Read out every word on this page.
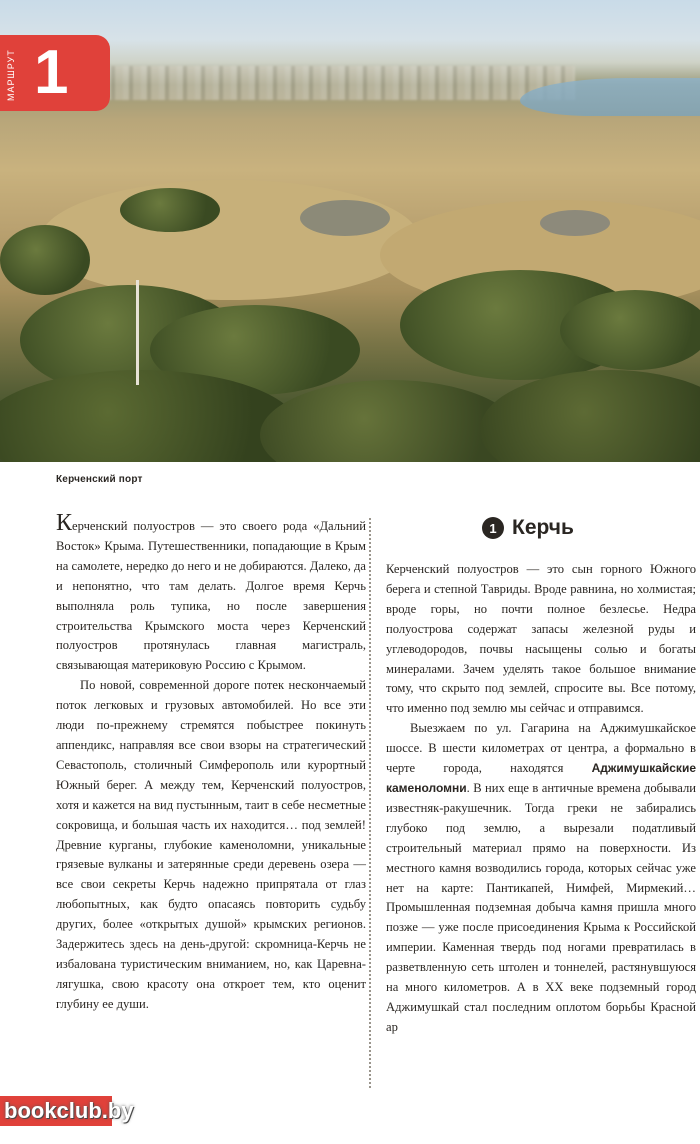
МАРШРУТ 1
Керченский порт

Керченский полуостров — это своего рода «Дальний Восток» Крыма. Путешественники, попадающие в Крым на самолете, нередко до него и не добираются. Далеко, да и непонятно, что там делать. Долгое время Керчь выполняла роль тупика, но после завершения строительства Крымского моста через Керченский полуостров протянулась главная магистраль, связывающая материковую Россию с Крымом.

По новой, современной дороге потек нескончаемый поток легковых и грузовых автомобилей. Но все эти люди по-прежнему стремятся побыстрее покинуть аппендикс, направляя все свои взоры на стратегический Севастополь, столичный Симферополь или курортный Южный берег. А между тем, Керченский полуостров, хотя и кажется на вид пустынным, таит в себе несметные сокровища, и большая часть их находится… под землей! Древние курганы, глубокие каменоломни, уникальные грязевые вулканы и затерянные среди деревень озера — все свои секреты Керчь надежно припрятала от глаз любопытных, как будто опасаясь повторить судьбу других, более «открытых душой» крымских регионов. Задержитесь здесь на день-другой: скромница-Керчь не избалована туристическим вниманием, но, как Царевна-лягушка, свою красоту она откроет тем, кто оценит глубину ее души.

1 Керчь

Керченский полуостров — это сын горного Южного берега и степной Тавриды. Вроде равнина, но холмистая; вроде горы, но почти полное безлесье. Недра полуострова содержат запасы железной руды и углеводородов, почвы насыщены солью и богаты минералами. Зачем уделять такое большое внимание тому, что скрыто под землей, спросите вы. Все потому, что именно под землю мы сейчас и отправимся.

Выезжаем по ул. Гагарина на Аджимушкайское шоссе. В шести километрах от центра, а формально в черте города, находятся Аджимушкайские каменоломни. В них еще в античные времена добывали известняк-ракушечник. Тогда греки не забирались глубоко под землю, а вырезали податливый строительный материал прямо на поверхности. Из местного камня возводились города, которых сейчас уже нет на карте: Пантикапей, Нимфей, Мирмекий… Промышленная подземная добыча камня пришла много позже — уже после присоединения Крыма к Российской империи. Каменная твердь под ногами превратилась в разветвленную сеть штолен и тоннелей, растянувшуюся на много километров. А в XX веке подземный город Аджимушкай стал последним оплотом борьбы Красной ар

bookclub.by
